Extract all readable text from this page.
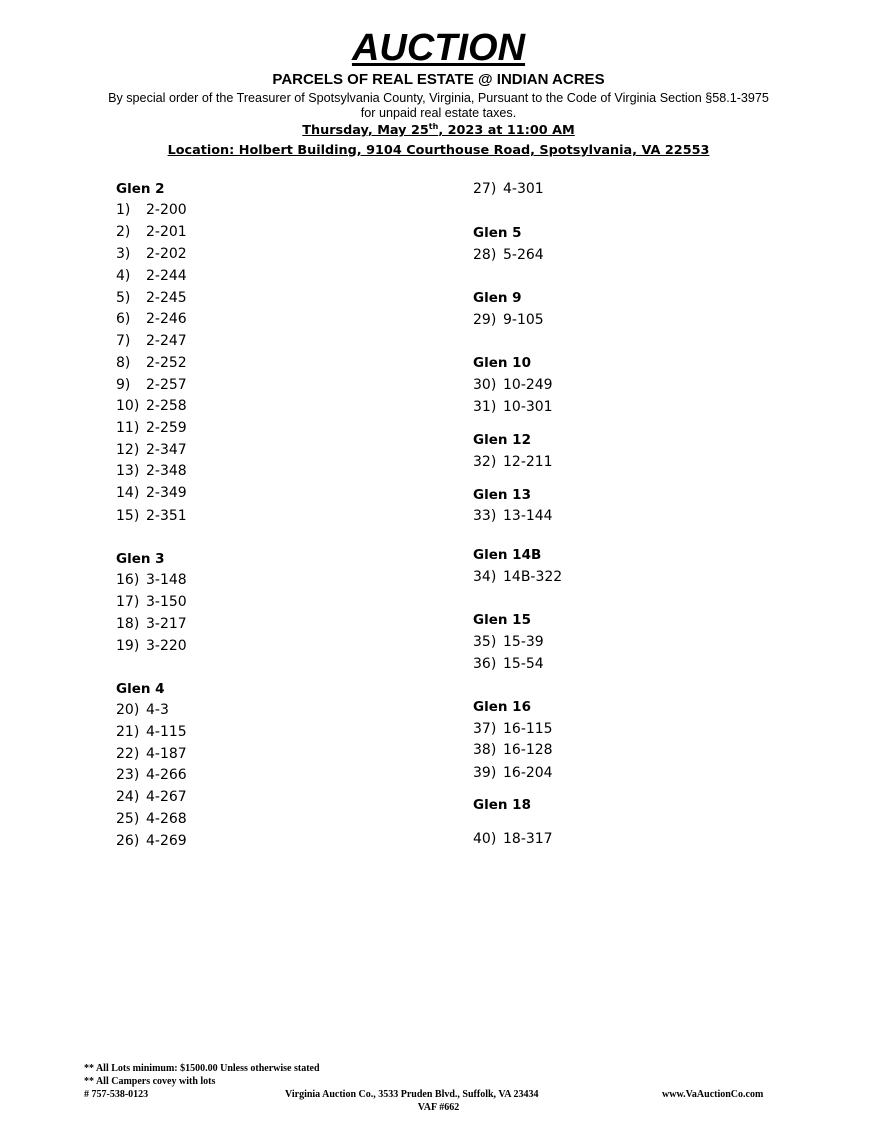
AUCTION
PARCELS OF REAL ESTATE @ INDIAN ACRES
By special order of the Treasurer of Spotsylvania County, Virginia, Pursuant to the Code of Virginia Section §58.1-3975
for unpaid real estate taxes.
Thursday, May 25th, 2023 at 11:00 AM
Location: Holbert Building, 9104 Courthouse Road, Spotsylvania, VA 22553
Glen 2
1) 2-200
2) 2-201
3) 2-202
4) 2-244
5) 2-245
6) 2-246
7) 2-247
8) 2-252
9) 2-257
10) 2-258
11) 2-259
12) 2-347
13) 2-348
14) 2-349
15) 2-351
Glen 3
16) 3-148
17) 3-150
18) 3-217
19) 3-220
Glen 4
20) 4-3
21) 4-115
22) 4-187
23) 4-266
24) 4-267
25) 4-268
26) 4-269
27) 4-301
Glen 5
28) 5-264
Glen 9
29) 9-105
Glen 10
30) 10-249
31) 10-301
Glen 12
32) 12-211
Glen 13
33) 13-144
Glen 14B
34) 14B-322
Glen 15
35) 15-39
36) 15-54
Glen 16
37) 16-115
38) 16-128
39) 16-204
Glen 18
40) 18-317
** All Lots minimum: $1500.00 Unless otherwise stated
** All Campers covey with lots
# 757-538-0123	Virginia Auction Co., 3533 Pruden Blvd., Suffolk, VA 23434
VAF #662
www.VaAuctionCo.com
